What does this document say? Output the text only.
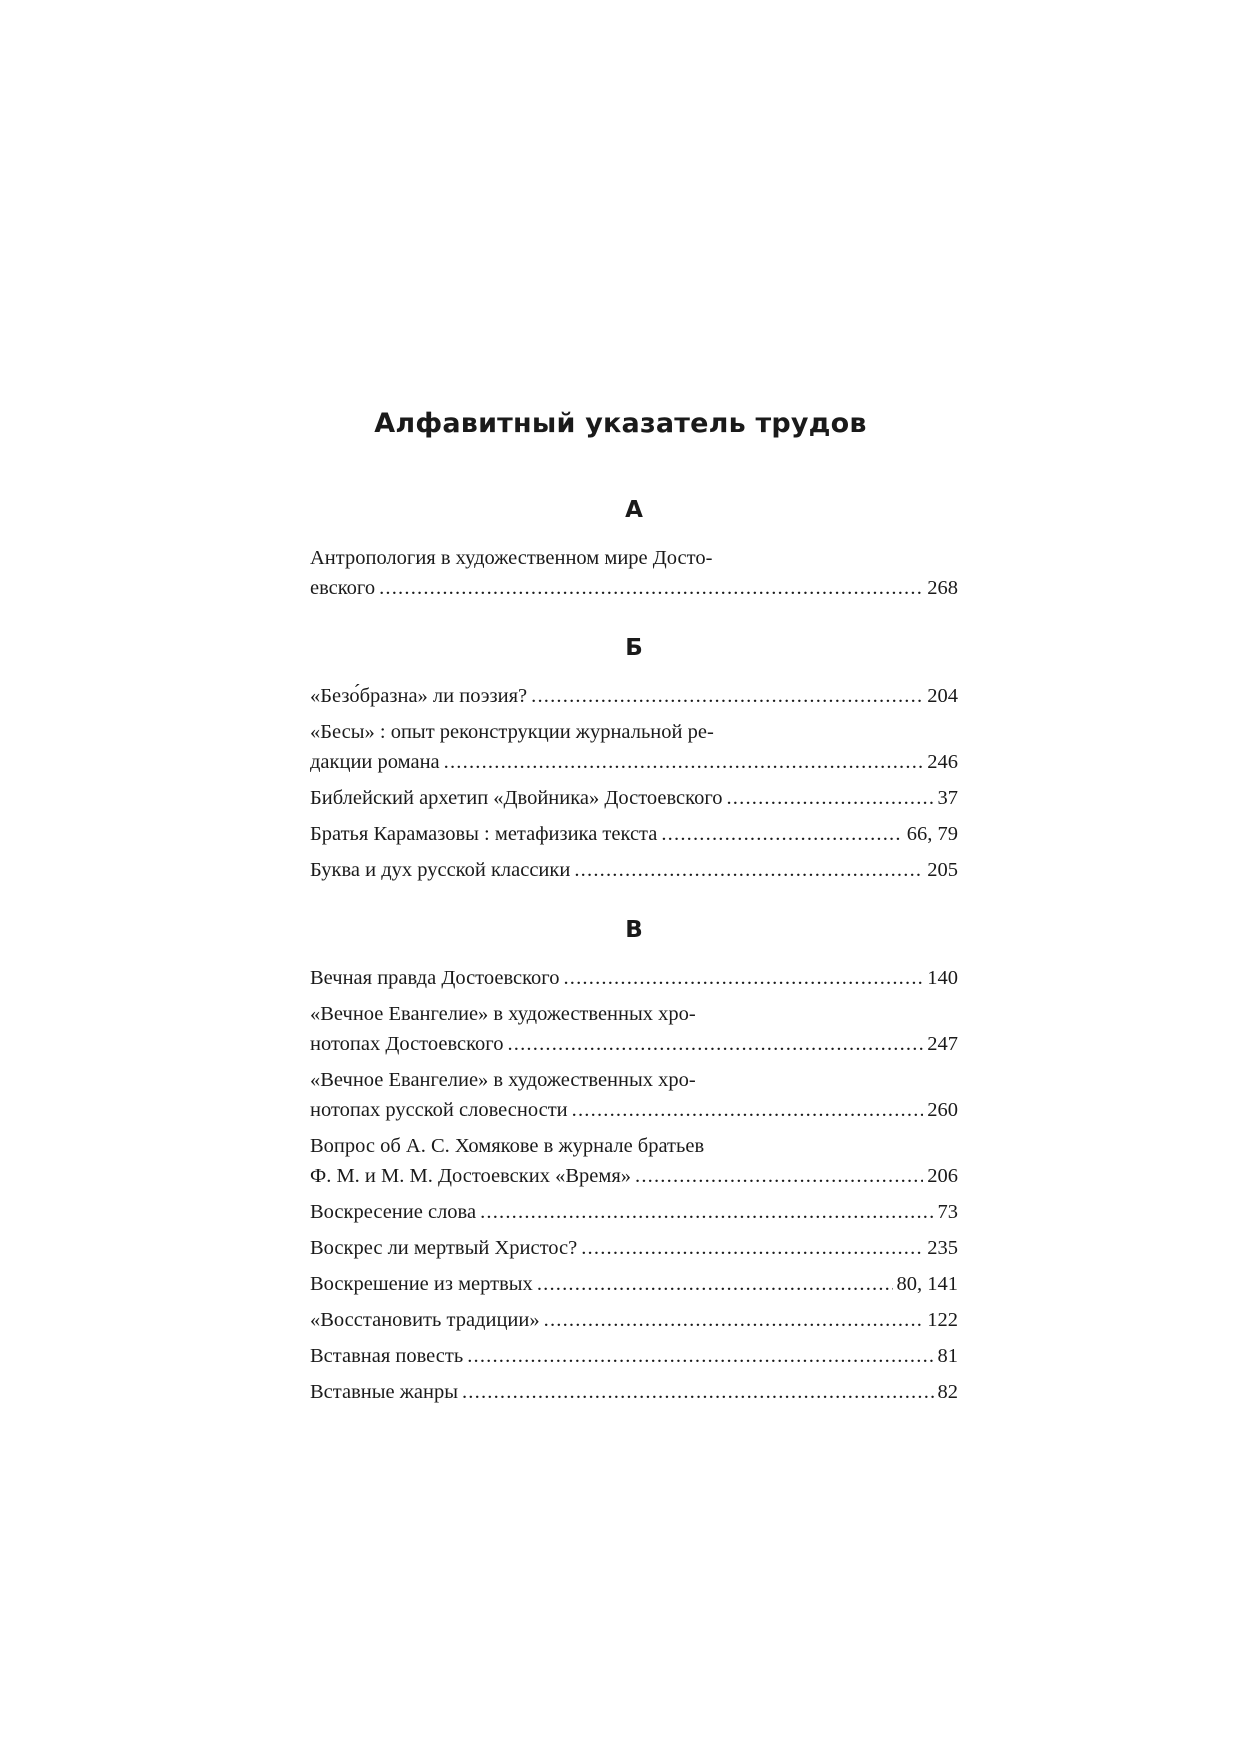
Алфавитный указатель трудов
А
Антропология в художественном мире Досто-
евского .....	268
Б
«Безо́бразна» ли поэзия? .....	204
«Бесы» : опыт реконструкции журнальной ре-
дакции романа .....	246
Библейский архетип «Двойника» Достоевского .....	37
Братья Карамазовы : метафизика текста .....	66, 79
Буква и дух русской классики .....	205
В
Вечная правда Достоевского .....	140
«Вечное Евангелие» в художественных хро-
нотопах Достоевского .....	247
«Вечное Евангелие» в художественных хро-
нотопах русской словесности .....	260
Вопрос об А. С. Хомякове в журнале братьев
Ф. М. и М. М. Достоевских «Время» .....	206
Воскресение слова .....	73
Воскрес ли мертвый Христос? .....	235
Воскрешение из мертвых .....	80, 141
«Восстановить традиции» .....	122
Вставная повесть .....	81
Вставные жанры .....	82
